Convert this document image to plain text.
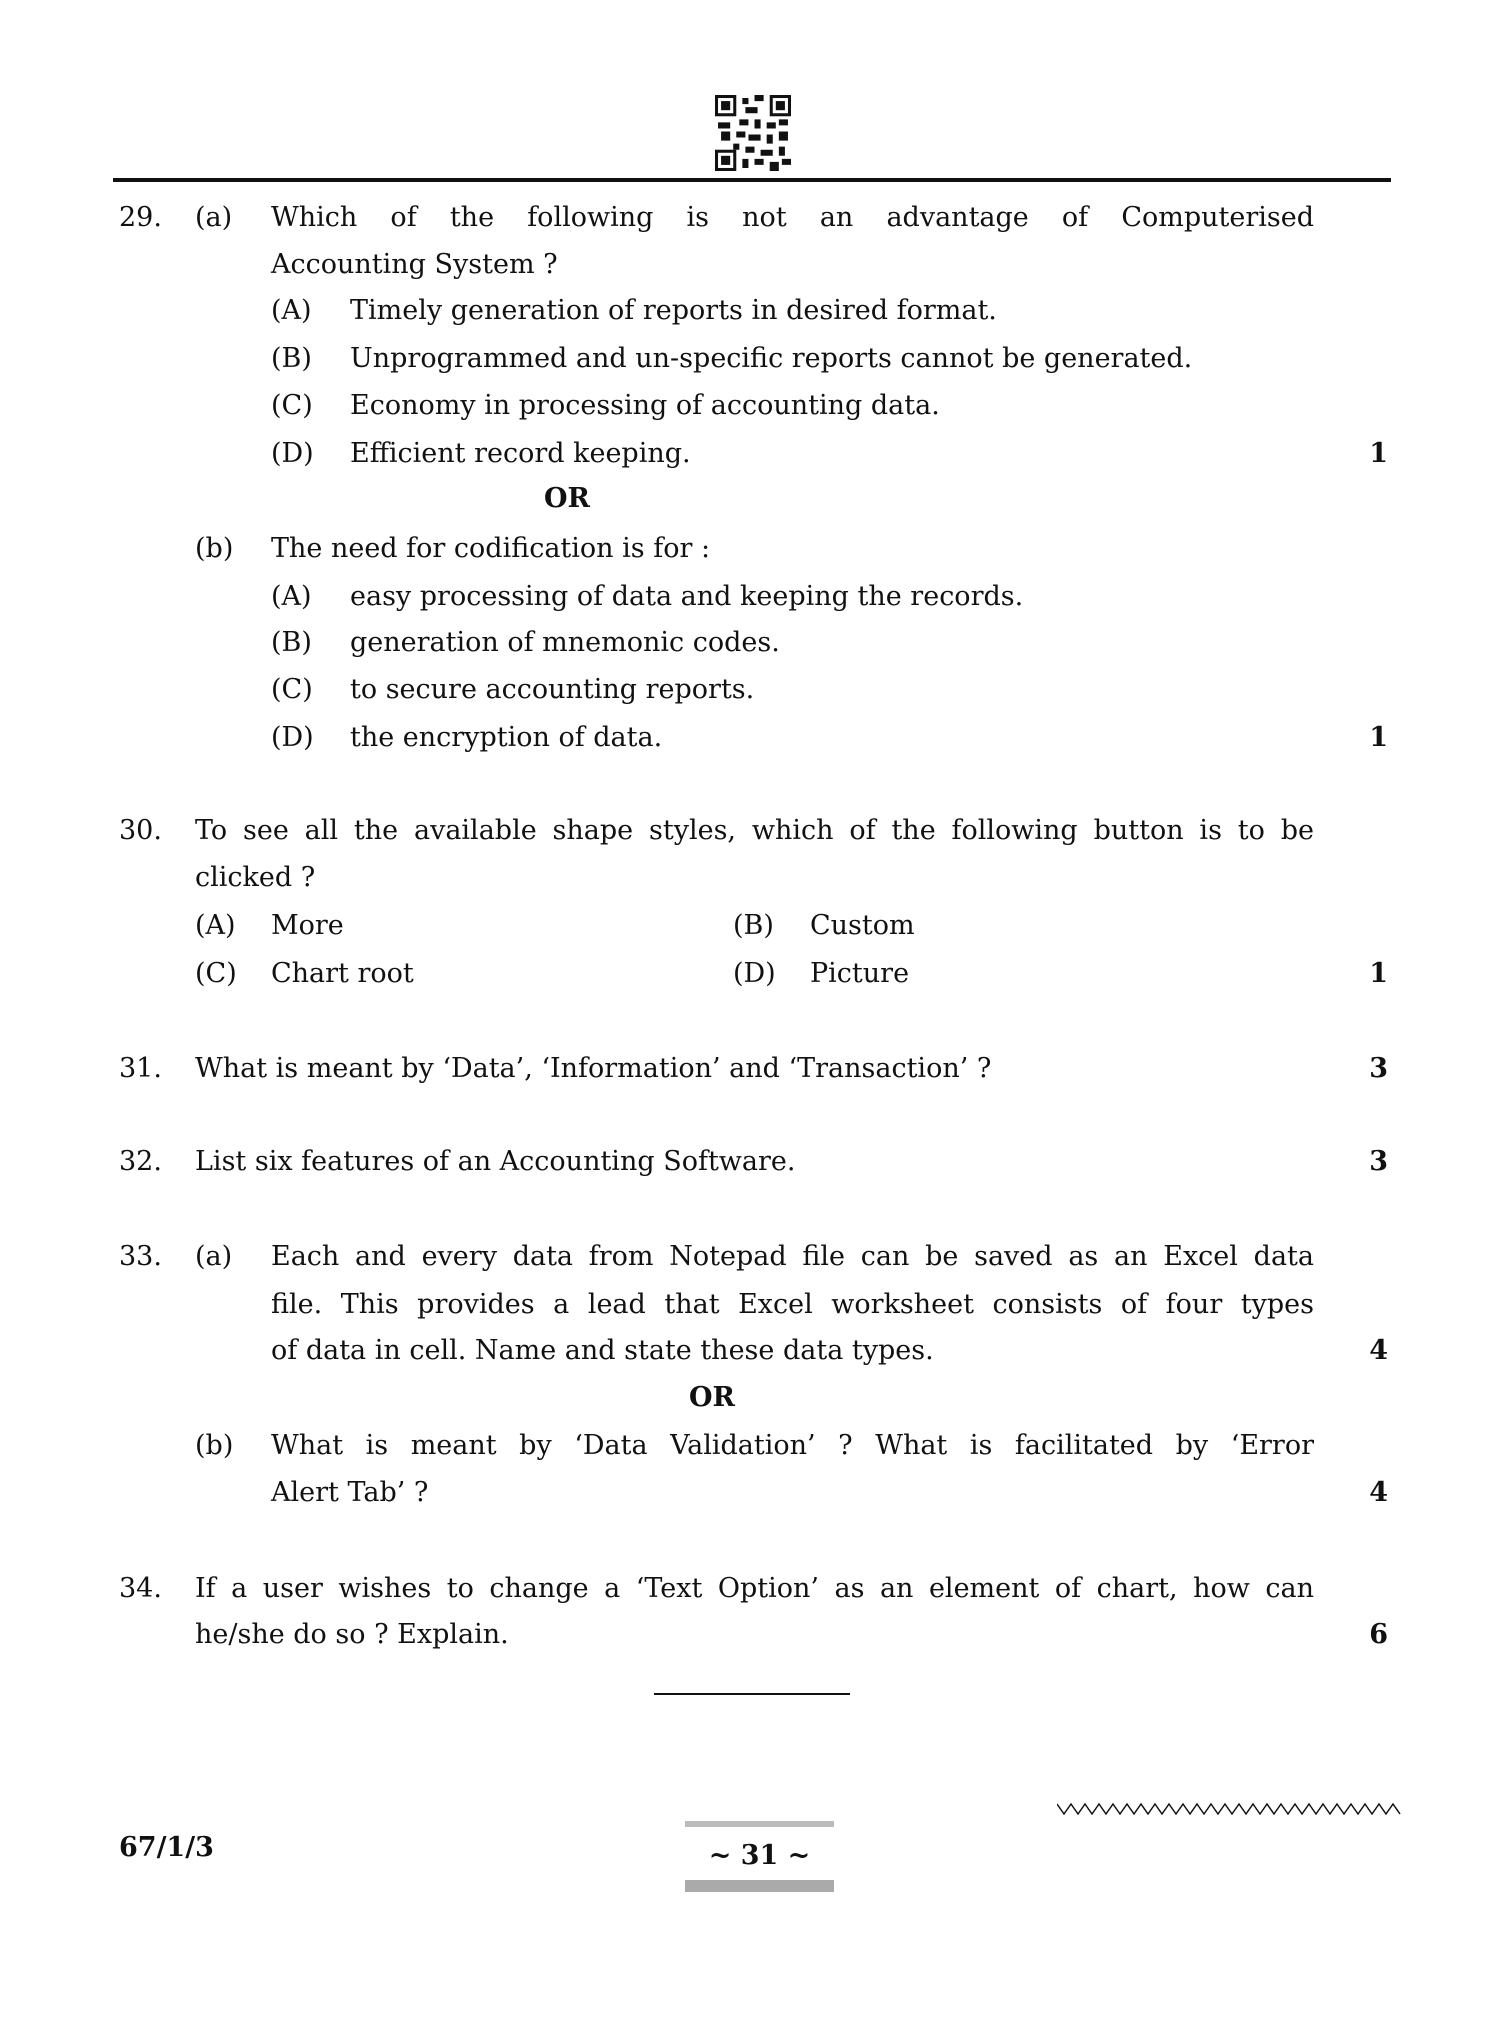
29. (a) Which of the following is not an advantage of Computerised
Accounting System ?
(A) Timely generation of reports in desired format.
(B) Unprogrammed and un-specific reports cannot be generated.
(C) Economy in processing of accounting data.
(D) Efficient record keeping.	1
OR
(b) The need for codification is for :
(A) easy processing of data and keeping the records.
(B) generation of mnemonic codes.
(C) to secure accounting reports.
(D) the encryption of data.	1
30. To see all the available shape styles, which of the following button is to be
clicked ?
(A) More	(B) Custom
(C) Chart root	(D) Picture	1
31. What is meant by ‘Data’, ‘Information’ and ‘Transaction’ ?	3
32. List six features of an Accounting Software.	3
33. (a) Each and every data from Notepad file can be saved as an Excel data
file. This provides a lead that Excel worksheet consists of four types
of data in cell. Name and state these data types.	4
OR
(b) What is meant by ‘Data Validation’ ? What is facilitated by ‘Error
Alert Tab’ ?	4
34. If a user wishes to change a ‘Text Option’ as an element of chart, how can
he/she do so ? Explain.	6
67/1/3	~ 31 ~
